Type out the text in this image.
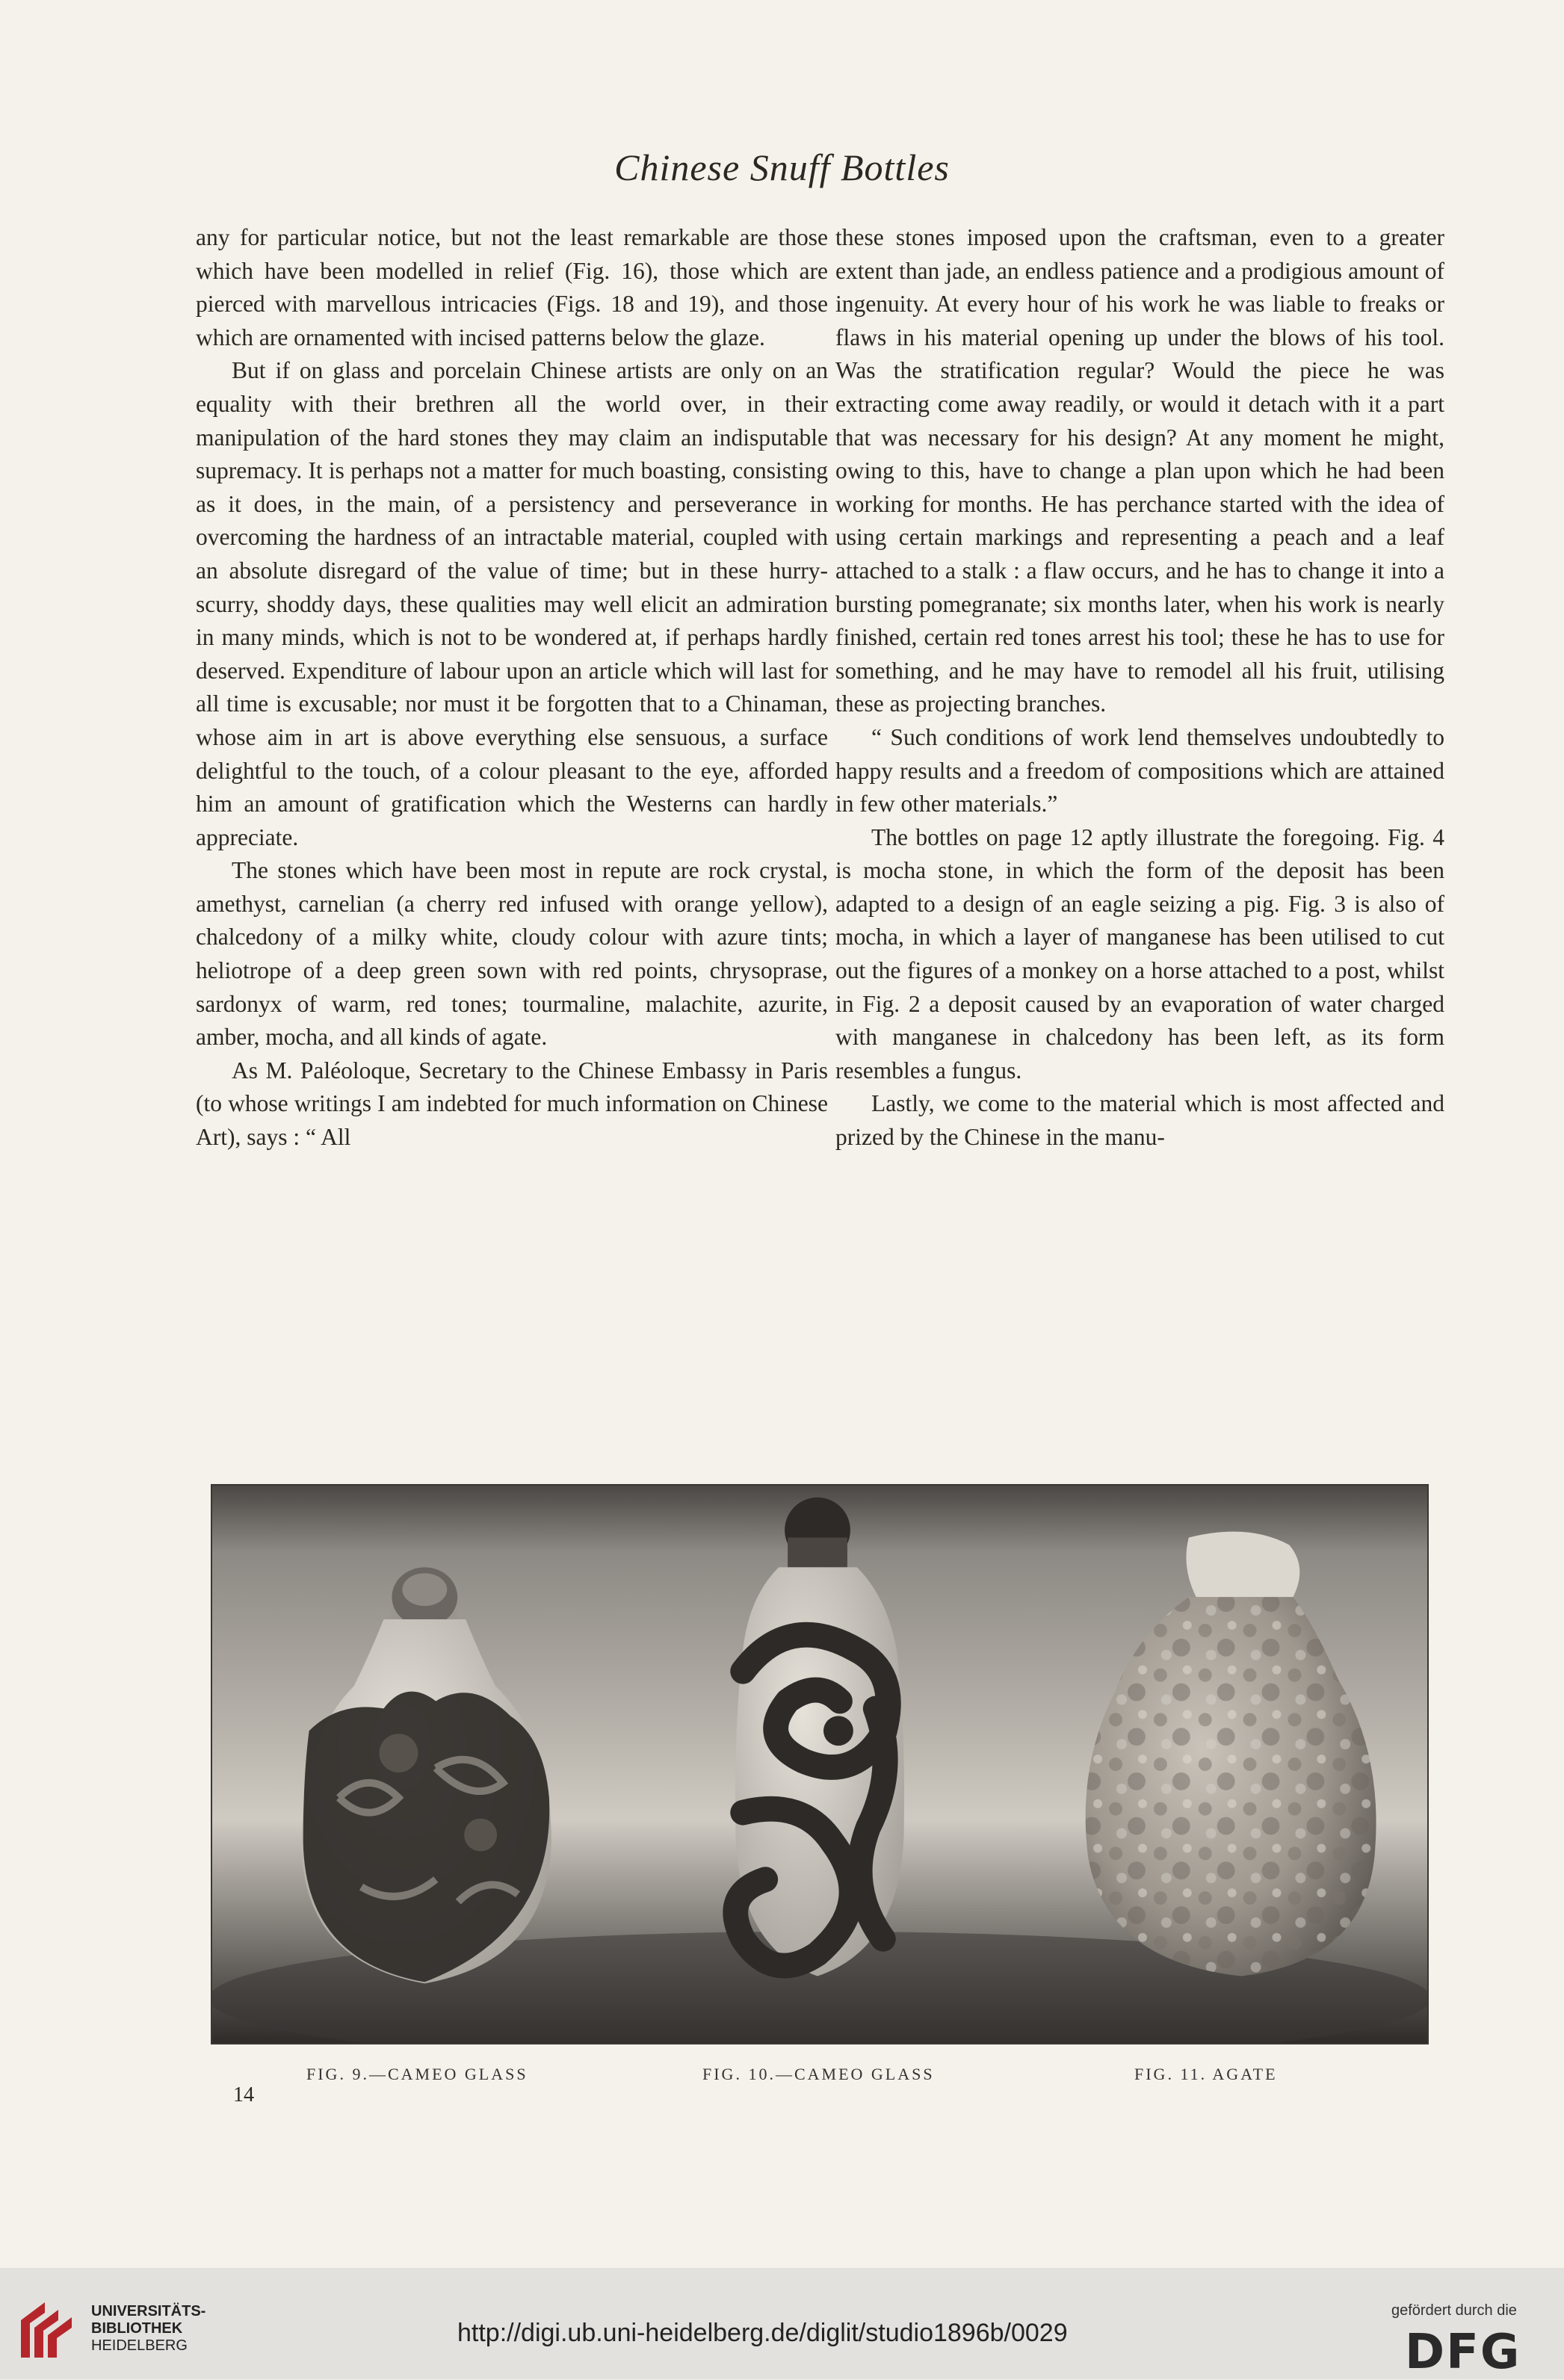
Chinese Snuff Bottles

any for particular notice, but not the least remarkable are those which have been modelled in relief (Fig. 16), those which are pierced with marvellous intricacies (Figs. 18 and 19), and those which are ornamented with incised patterns below the glaze.

But if on glass and porcelain Chinese artists are only on an equality with their brethren all the world over, in their manipulation of the hard stones they may claim an indisputable supremacy. It is perhaps not a matter for much boasting, consisting as it does, in the main, of a persistency and perseverance in overcoming the hardness of an intractable material, coupled with an absolute disregard of the value of time; but in these hurry-scurry, shoddy days, these qualities may well elicit an admiration in many minds, which is not to be wondered at, if perhaps hardly deserved. Expenditure of labour upon an article which will last for all time is excusable; nor must it be forgotten that to a Chinaman, whose aim in art is above everything else sensuous, a surface delightful to the touch, of a colour pleasant to the eye, afforded him an amount of gratification which the Westerns can hardly appreciate.

The stones which have been most in repute are rock crystal, amethyst, carnelian (a cherry red infused with orange yellow), chalcedony of a milky white, cloudy colour with azure tints; heliotrope of a deep green sown with red points, chrysoprase, sardonyx of warm, red tones; tourmaline, malachite, azurite, amber, mocha, and all kinds of agate.

As M. Paléoloque, Secretary to the Chinese Embassy in Paris (to whose writings I am indebted for much information on Chinese Art), says : “ All

these stones imposed upon the craftsman, even to a greater extent than jade, an endless patience and a prodigious amount of ingenuity. At every hour of his work he was liable to freaks or flaws in his material opening up under the blows of his tool. Was the stratification regular? Would the piece he was extracting come away readily, or would it detach with it a part that was necessary for his design? At any moment he might, owing to this, have to change a plan upon which he had been working for months. He has perchance started with the idea of using certain markings and representing a peach and a leaf attached to a stalk : a flaw occurs, and he has to change it into a bursting pomegranate; six months later, when his work is nearly finished, certain red tones arrest his tool; these he has to use for something, and he may have to remodel all his fruit, utilising these as projecting branches.

“ Such conditions of work lend themselves undoubtedly to happy results and a freedom of compositions which are attained in few other materials.”

The bottles on page 12 aptly illustrate the foregoing. Fig. 4 is mocha stone, in which the form of the deposit has been adapted to a design of an eagle seizing a pig. Fig. 3 is also of mocha, in which a layer of manganese has been utilised to cut out the figures of a monkey on a horse attached to a post, whilst in Fig. 2 a deposit caused by an evaporation of water charged with manganese in chalcedony has been left, as its form resembles a fungus.

Lastly, we come to the material which is most affected and prized by the Chinese in the manu-

FIG. 9.—CAMEO GLASS	FIG. 10.—CAMEO GLASS	FIG. 11. AGATE
14
UNIVERSITÄTS-
BIBLIOTHEK
HEIDELBERG	http://digi.ub.uni-heidelberg.de/diglit/studio1896b/0029
gefördert durch die
DFG
